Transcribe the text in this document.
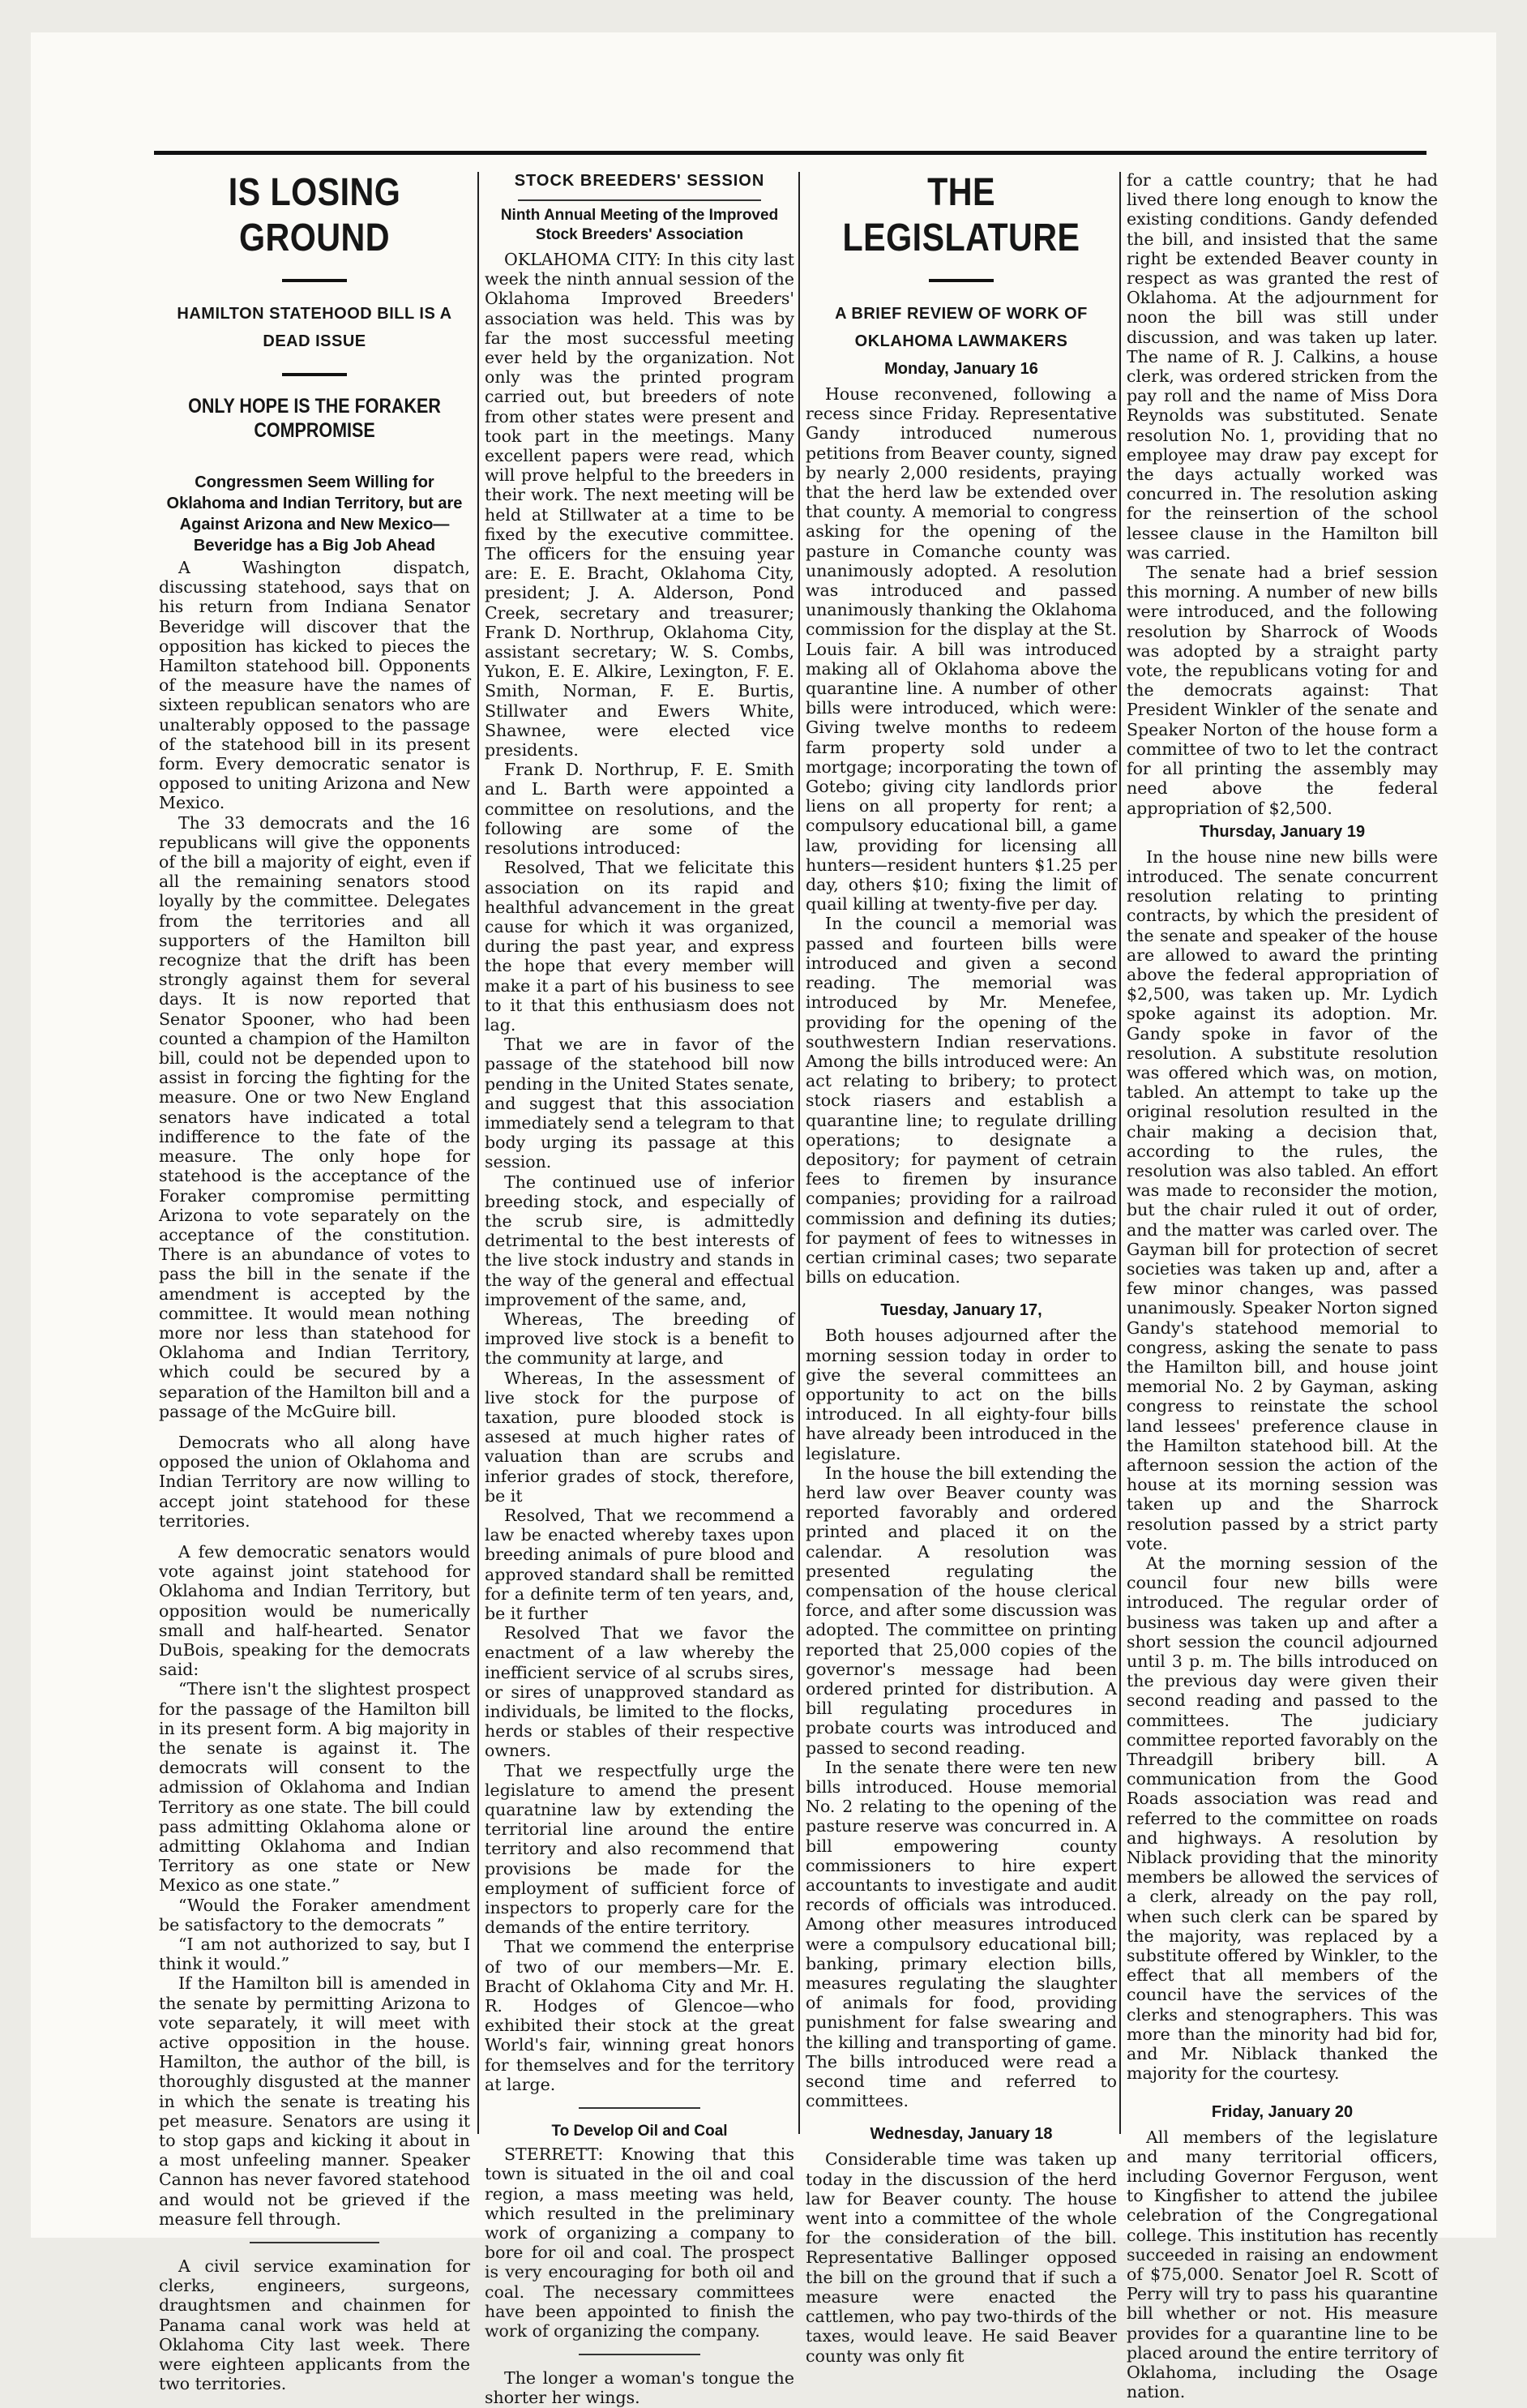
IS LOSING GROUND
HAMILTON STATEHOOD BILL IS A DEAD ISSUE
ONLY HOPE IS THE FORAKER COMPROMISE
Congressmen Seem Willing for Oklahoma and Indian Territory, but are Against Arizona and New Mexico—Beveridge has a Big Job Ahead

A Washington dispatch, discussing statehood, says that on his return from Indiana Senator Beveridge will discover that the opposition has kicked to pieces the Hamilton statehood bill. Opponents of the measure have the names of sixteen republican senators who are unalterably opposed to the passage of the statehood bill in its present form. Every democratic senator is opposed to uniting Arizona and New Mexico.

The 33 democrats and the 16 republicans will give the opponents of the bill a majority of eight, even if all the remaining senators stood loyally by the committee. Delegates from the territories and all supporters of the Hamilton bill recognize that the drift has been strongly against them for several days. It is now reported that Senator Spooner, who had been counted a champion of the Hamilton bill, could not be depended upon to assist in forcing the fighting for the measure. One or two New England senators have indicated a total indifference to the fate of the measure. The only hope for statehood is the acceptance of the Foraker compromise permitting Arizona to vote separately on the acceptance of the constitution. There is an abundance of votes to pass the bill in the senate if the amendment is accepted by the committee. It would mean nothing more nor less than statehood for Oklahoma and Indian Territory, which could be secured by a separation of the Hamilton bill and a passage of the McGuire bill.

Democrats who all along have opposed the union of Oklahoma and Indian Territory are now willing to accept joint statehood for these territories.

A few democratic senators would vote against joint statehood for Oklahoma and Indian Territory, but opposition would be numerically small and half-hearted. Senator DuBois, speaking for the democrats said:

“There isn't the slightest prospect for the passage of the Hamilton bill in its present form. A big majority in the senate is against it. The democrats will consent to the admission of Oklahoma and Indian Territory as one state. The bill could pass admitting Oklahoma alone or admitting Oklahoma and Indian Territory as one state or New Mexico as one state.”

“Would the Foraker amendment be satisfactory to the democrats ”

“I am not authorized to say, but I think it would.”

If the Hamilton bill is amended in the senate by permitting Arizona to vote separately, it will meet with active opposition in the house. Hamilton, the author of the bill, is thoroughly disgusted at the manner in which the senate is treating his pet measure. Senators are using it to stop gaps and kicking it about in a most unfeeling manner. Speaker Cannon has never favored statehood and would not be grieved if the measure fell through.

A civil service examination for clerks, engineers, surgeons, draughtsmen and chainmen for Panama canal work was held at Oklahoma City last week. There were eighteen applicants from the two territories.

STOCK BREEDERS' SESSION
Ninth Annual Meeting of the Improved Stock Breeders' Association

OKLAHOMA CITY: In this city last week the ninth annual session of the Oklahoma Improved Breeders' association was held. This was by far the most successful meeting ever held by the organization. Not only was the printed program carried out, but breeders of note from other states were present and took part in the meetings. Many excellent papers were read, which will prove helpful to the breeders in their work. The next meeting will be held at Stillwater at a time to be fixed by the executive committee. The officers for the ensuing year are: E. E. Bracht, Oklahoma City, president; J. A. Alderson, Pond Creek, secretary and treasurer; Frank D. Northrup, Oklahoma City, assistant secretary; W. S. Combs, Yukon, E. E. Alkire, Lexington, F. E. Smith, Norman, F. E. Burtis, Stillwater and Ewers White, Shawnee, were elected vice presidents.

Frank D. Northrup, F. E. Smith and L. Barth were appointed a committee on resolutions, and the following are some of the resolutions introduced:

Resolved, That we felicitate this association on its rapid and healthful advancement in the great cause for which it was organized, during the past year, and express the hope that every member will make it a part of his business to see to it that this enthusiasm does not lag.

That we are in favor of the passage of the statehood bill now pending in the United States senate, and suggest that this association immediately send a telegram to that body urging its passage at this session.

The continued use of inferior breeding stock, and especially of the scrub sire, is admittedly detrimental to the best interests of the live stock industry and stands in the way of the general and effectual improvement of the same, and,

Whereas, The breeding of improved live stock is a benefit to the community at large, and

Whereas, In the assessment of live stock for the purpose of taxation, pure blooded stock is assesed at much higher rates of valuation than are scrubs and inferior grades of stock, therefore, be it

Resolved, That we recommend a law be enacted whereby taxes upon breeding animals of pure blood and approved standard shall be remitted for a definite term of ten years, and, be it further

Resolved That we favor the enactment of a law whereby the inefficient service of al scrubs sires, or sires of unapproved standard as individuals, be limited to the flocks, herds or stables of their respective owners.

That we respectfully urge the legislature to amend the present quaratnine law by extending the territorial line around the entire territory and also recommend that provisions be made for the employment of sufficient force of inspectors to properly care for the demands of the entire territory.

That we commend the enterprise of two of our members—Mr. E. Bracht of Oklahoma City and Mr. H. R. Hodges of Glencoe—who exhibited their stock at the great World's fair, winning great honors for themselves and for the territory at large.

To Develop Oil and Coal

STERRETT: Knowing that this town is situated in the oil and coal region, a mass meeting was held, which resulted in the preliminary work of organizing a company to bore for oil and coal. The prospect is very encouraging for both oil and coal. The necessary committees have been appointed to finish the work of organizing the company.

The longer a woman's tongue the shorter her wings.

THE LEGISLATURE
A BRIEF REVIEW OF WORK OF OKLAHOMA LAWMAKERS
Monday, January 16

House reconvened, following a recess since Friday. Representative Gandy introduced numerous petitions from Beaver county, signed by nearly 2,000 residents, praying that the herd law be extended over that county. A memorial to congress asking for the opening of the pasture in Comanche county was unanimously adopted. A resolution was introduced and passed unanimously thanking the Oklahoma commission for the display at the St. Louis fair. A bill was introduced making all of Oklahoma above the quarantine line. A number of other bills were introduced, which were: Giving twelve months to redeem farm property sold under a mortgage; incorporating the town of Gotebo; giving city landlords prior liens on all property for rent; a compulsory educational bill, a game law, providing for licensing all hunters—resident hunters $1.25 per day, others $10; fixing the limit of quail killing at twenty-five per day.

In the council a memorial was passed and fourteen bills were introduced and given a second reading. The memorial was introduced by Mr. Menefee, providing for the opening of the southwestern Indian reservations. Among the bills introduced were: An act relating to bribery; to protect stock riasers and establish a quarantine line; to regulate drilling operations; to designate a depository; for payment of cetrain fees to firemen by insurance companies; providing for a railroad commission and defining its duties; for payment of fees to witnesses in certian criminal cases; two separate bills on education.

Tuesday, January 17,

Both houses adjourned after the morning session today in order to give the several committees an opportunity to act on the bills introduced. In all eighty-four bills have already been introduced in the legislature.

In the house the bill extending the herd law over Beaver county was reported favorably and ordered printed and placed it on the calendar. A resolution was presented regulating the compensation of the house clerical force, and after some discussion was adopted. The committee on printing reported that 25,000 copies of the governor's message had been ordered printed for distribution. A bill regulating procedures in probate courts was introduced and passed to second reading.

In the senate there were ten new bills introduced. House memorial No. 2 relating to the opening of the pasture reserve was concurred in. A bill empowering county commissioners to hire expert accountants to investigate and audit records of officials was introduced. Among other measures introduced were a compulsory educational bill; banking, primary election bills, measures regulating the slaughter of animals for food, providing punishment for false swearing and the killing and transporting of game. The bills introduced were read a second time and referred to committees.

Wednesday, January 18

Considerable time was taken up today in the discussion of the herd law for Beaver county. The house went into a committee of the whole for the consideration of the bill. Representative Ballinger opposed the bill on the ground that if such a measure were enacted the cattlemen, who pay two-thirds of the taxes, would leave. He said Beaver county was only fit

for a cattle country; that he had lived there long enough to know the existing conditions. Gandy defended the bill, and insisted that the same right be extended Beaver county in respect as was granted the rest of Oklahoma. At the adjournment for noon the bill was still under discussion, and was taken up later. The name of R. J. Calkins, a house clerk, was ordered stricken from the pay roll and the name of Miss Dora Reynolds was substituted. Senate resolution No. 1, providing that no employee may draw pay except for the days actually worked was concurred in. The resolution asking for the reinsertion of the school lessee clause in the Hamilton bill was carried.

The senate had a brief session this morning. A number of new bills were introduced, and the following resolution by Sharrock of Woods was adopted by a straight party vote, the republicans voting for and the democrats against: That President Winkler of the senate and Speaker Norton of the house form a committee of two to let the contract for all printing the assembly may need above the federal appropriation of $2,500.

Thursday, January 19

In the house nine new bills were introduced. The senate concurrent resolution relating to printing contracts, by which the president of the senate and speaker of the house are allowed to award the printing above the federal appropriation of $2,500, was taken up. Mr. Lydich spoke against its adoption. Mr. Gandy spoke in favor of the resolution. A substitute resolution was offered which was, on motion, tabled. An attempt to take up the original resolution resulted in the chair making a decision that, according to the rules, the resolution was also tabled. An effort was made to reconsider the motion, but the chair ruled it out of order, and the matter was carled over. The Gayman bill for protection of secret societies was taken up and, after a few minor changes, was passed unanimously. Speaker Norton signed Gandy's statehood memorial to congress, asking the senate to pass the Hamilton bill, and house joint memorial No. 2 by Gayman, asking congress to reinstate the school land lessees' preference clause in the Hamilton statehood bill. At the afternoon session the action of the house at its morning session was taken up and the Sharrock resolution passed by a strict party vote.

At the morning session of the council four new bills were introduced. The regular order of business was taken up and after a short session the council adjourned until 3 p. m. The bills introduced on the previous day were given their second reading and passed to the committees. The judiciary committee reported favorably on the Threadgill bribery bill. A communication from the Good Roads association was read and referred to the committee on roads and highways. A resolution by Niblack providing that the minority members be allowed the services of a clerk, already on the pay roll, when such clerk can be spared by the majority, was replaced by a substitute offered by Winkler, to the effect that all members of the council have the services of the clerks and stenographers. This was more than the minority had bid for, and Mr. Niblack thanked the majority for the courtesy.

Friday, January 20

All members of the legislature and many territorial officers, including Governor Ferguson, went to Kingfisher to attend the jubilee celebration of the Congregational college. This institution has recently succeeded in raising an endowment of $75,000. Senator Joel R. Scott of Perry will try to pass his quarantine bill whether or not. His measure provides for a quarantine line to be placed around the entire territory of Oklahoma, including the Osage nation.
